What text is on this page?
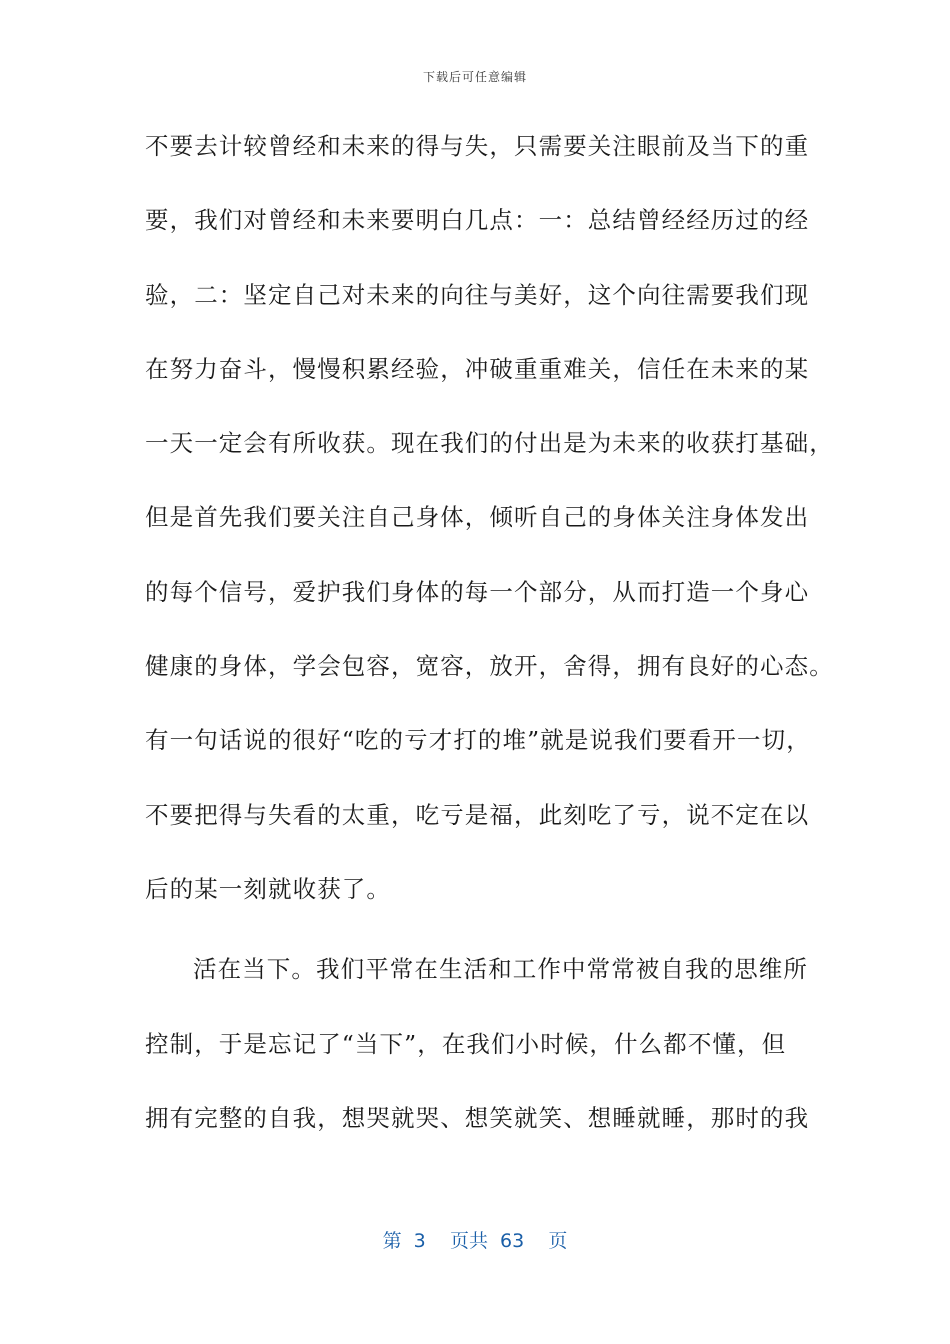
下载后可任意编辑
不要去计较曾经和未来的得与失，只需要关注眼前及当下的重
要，我们对曾经和未来要明白几点：一：总结曾经经历过的经
验，二：坚定自己对未来的向往与美好，这个向往需要我们现
在努力奋斗，慢慢积累经验，冲破重重难关，信任在未来的某
一天一定会有所收获。现在我们的付出是为未来的收获打基础，
但是首先我们要关注自己身体，倾听自己的身体关注身体发出
的每个信号，爱护我们身体的每一个部分，从而打造一个身心
健康的身体，学会包容，宽容，放开，舍得，拥有良好的心态。
有一句话说的很好“吃的亏才打的堆”就是说我们要看开一切，
不要把得与失看的太重，吃亏是福，此刻吃了亏，说不定在以
后的某一刻就收获了。
活在当下。我们平常在生活和工作中常常被自我的思维所
控制，于是忘记了“当下”，在我们小时候，什么都不懂，但
拥有完整的自我，想哭就哭、想笑就笑、想睡就睡，那时的我
第 3 页共 63 页
